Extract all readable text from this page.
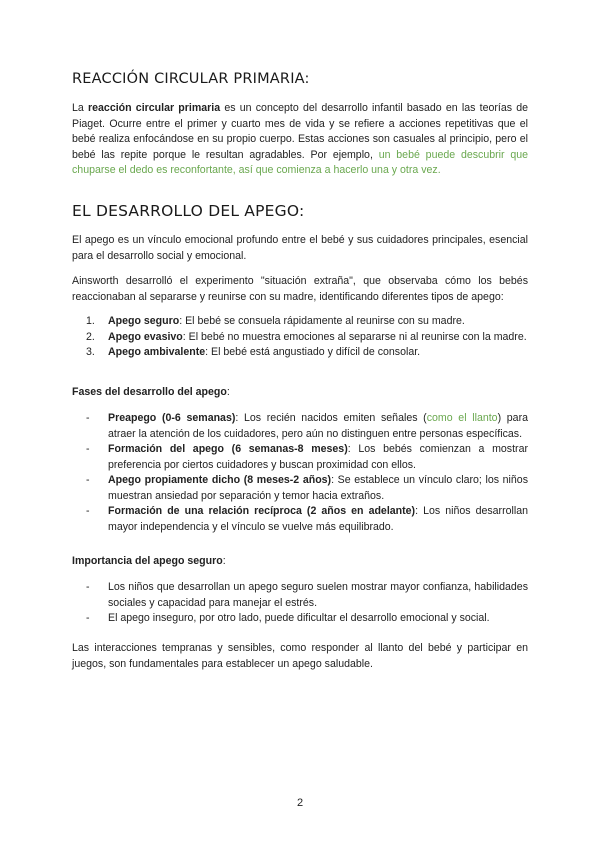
REACCIÓN CIRCULAR PRIMARIA:

La reacción circular primaria es un concepto del desarrollo infantil basado en las teorías de Piaget. Ocurre entre el primer y cuarto mes de vida y se refiere a acciones repetitivas que el bebé realiza enfocándose en su propio cuerpo. Estas acciones son casuales al principio, pero el bebé las repite porque le resultan agradables. Por ejemplo, un bebé puede descubrir que chuparse el dedo es reconfortante, así que comienza a hacerlo una y otra vez.

EL DESARROLLO DEL APEGO:

El apego es un vínculo emocional profundo entre el bebé y sus cuidadores principales, esencial para el desarrollo social y emocional.

Ainsworth desarrolló el experimento "situación extraña", que observaba cómo los bebés reaccionaban al separarse y reunirse con su madre, identificando diferentes tipos de apego:

1. Apego seguro: El bebé se consuela rápidamente al reunirse con su madre.
2. Apego evasivo: El bebé no muestra emociones al separarse ni al reunirse con la madre.
3. Apego ambivalente: El bebé está angustiado y difícil de consolar.

Fases del desarrollo del apego:

- Preapego (0-6 semanas): Los recién nacidos emiten señales (como el llanto) para atraer la atención de los cuidadores, pero aún no distinguen entre personas específicas.
- Formación del apego (6 semanas-8 meses): Los bebés comienzan a mostrar preferencia por ciertos cuidadores y buscan proximidad con ellos.
- Apego propiamente dicho (8 meses-2 años): Se establece un vínculo claro; los niños muestran ansiedad por separación y temor hacia extraños.
- Formación de una relación recíproca (2 años en adelante): Los niños desarrollan mayor independencia y el vínculo se vuelve más equilibrado.

Importancia del apego seguro:

- Los niños que desarrollan un apego seguro suelen mostrar mayor confianza, habilidades sociales y capacidad para manejar el estrés.
- El apego inseguro, por otro lado, puede dificultar el desarrollo emocional y social.

Las interacciones tempranas y sensibles, como responder al llanto del bebé y participar en juegos, son fundamentales para establecer un apego saludable.

2
